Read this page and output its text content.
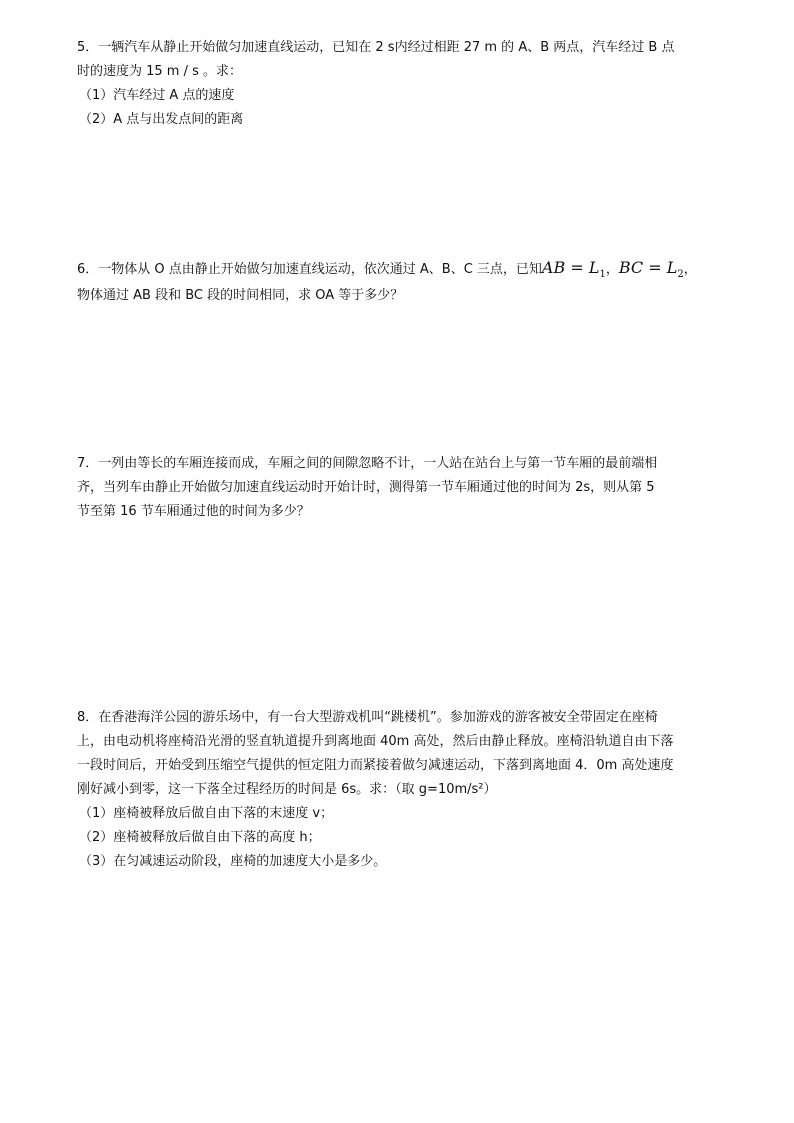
5．一辆汽车从静止开始做匀加速直线运动，已知在 2 s内经过相距 27 m 的 A、B 两点，汽车经过 B 点
时的速度为 15 m / s 。求：
（1）汽车经过 A 点的速度
（2）A 点与出发点间的距离
6．一物体从 O 点由静止开始做匀加速直线运动，依次通过 A、B、C 三点，已知AB = $L_1$，BC = $L_2$，
物体通过 AB 段和 BC 段的时间相同，求 OA 等于多少？
7．一列由等长的车厢连接而成，车厢之间的间隙忽略不计，一人站在站台上与第一节车厢的最前端相
齐，当列车由静止开始做匀加速直线运动时开始计时，测得第一节车厢通过他的时间为 2s，则从第 5
节至第 16 节车厢通过他的时间为多少？
8．在香港海洋公园的游乐场中，有一台大型游戏机叫“跳楼机”。参加游戏的游客被安全带固定在座椅
上，由电动机将座椅沿光滑的竖直轨道提升到离地面 40m 高处，然后由静止释放。座椅沿轨道自由下落
一段时间后，开始受到压缩空气提供的恒定阻力而紧接着做匀减速运动，下落到离地面 4．0m 高处速度
刚好减小到零，这一下落全过程经历的时间是 6s。求：（取 g=10m/s²）
（1）座椅被释放后做自由下落的末速度 v；
（2）座椅被释放后做自由下落的高度 h；
（3）在匀减速运动阶段，座椅的加速度大小是多少。
